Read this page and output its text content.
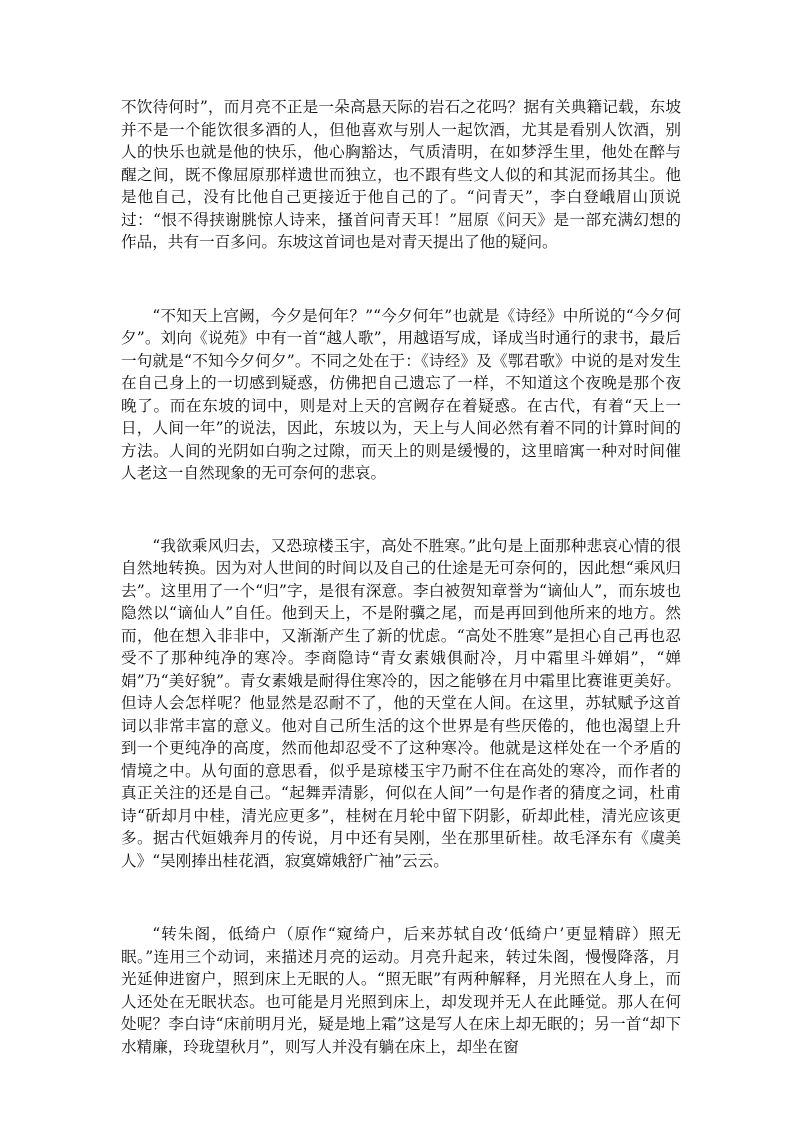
不饮待何时”，而月亮不正是一朵高悬天际的岩石之花吗？据有关典籍记载，东坡并不是一个能饮很多酒的人，但他喜欢与别人一起饮酒，尤其是看别人饮酒，别人的快乐也就是他的快乐，他心胸豁达，气质清明，在如梦浮生里，他处在醉与醒之间，既不像屈原那样遗世而独立，也不跟有些文人似的和其泥而扬其尘。他是他自己，没有比他自己更接近于他自己的了。“问青天”，李白登峨眉山顶说过：“恨不得挟谢朓惊人诗来，搔首问青天耳！”屈原《问天》是一部充满幻想的作品，共有一百多问。东坡这首词也是对青天提出了他的疑问。

“不知天上宫阙，今夕是何年？”“今夕何年”也就是《诗经》中所说的“今夕何夕”。刘向《说苑》中有一首“越人歌”，用越语写成，译成当时通行的隶书，最后一句就是“不知今夕何夕”。不同之处在于：《诗经》及《鄂君歌》中说的是对发生在自己身上的一切感到疑惑，仿佛把自己遗忘了一样，不知道这个夜晚是那个夜晚了。而在东坡的词中，则是对上天的宫阙存在着疑惑。在古代，有着“天上一日，人间一年”的说法，因此，东坡以为，天上与人间必然有着不同的计算时间的方法。人间的光阴如白驹之过隙，而天上的则是缓慢的，这里暗寓一种对时间催人老这一自然现象的无可奈何的悲哀。

“我欲乘风归去，又恐琼楼玉宇，高处不胜寒。”此句是上面那种悲哀心情的很自然地转换。因为对人世间的时间以及自己的仕途是无可奈何的，因此想“乘风归去”。这里用了一个“归”字，是很有深意。李白被贺知章誉为“谪仙人”，而东坡也隐然以“谪仙人”自任。他到天上，不是附骥之尾，而是再回到他所来的地方。然而，他在想入非非中，又渐渐产生了新的忧虑。“高处不胜寒”是担心自己再也忍受不了那种纯净的寒冷。李商隐诗“青女素娥俱耐冷，月中霜里斗婵娟”，“婵娟”乃“美好貌”。青女素娥是耐得住寒冷的，因之能够在月中霜里比赛谁更美好。但诗人会怎样呢？他显然是忍耐不了，他的天堂在人间。在这里，苏轼赋予这首词以非常丰富的意义。他对自己所生活的这个世界是有些厌倦的，他也渴望上升到一个更纯净的高度，然而他却忍受不了这种寒冷。他就是这样处在一个矛盾的情境之中。从句面的意思看，似乎是琼楼玉宇乃耐不住在高处的寒冷，而作者的真正关注的还是自己。“起舞弄清影，何似在人间”一句是作者的猜度之词，杜甫诗“斫却月中桂，清光应更多”，桂树在月轮中留下阴影，斫却此桂，清光应该更多。据古代姮娥奔月的传说，月中还有吴刚，坐在那里斫桂。故毛泽东有《虞美人》“吴刚捧出桂花酒，寂寞嫦娥舒广袖”云云。

“转朱阁，低绮户（原作“窥绮户，后来苏轼自改‘低绮户’更显精辟）照无眠。”连用三个动词，来描述月亮的运动。月亮升起来，转过朱阁，慢慢降落，月光延伸进窗户，照到床上无眠的人。“照无眠”有两种解释，月光照在人身上，而人还处在无眠状态。也可能是月光照到床上，却发现并无人在此睡觉。那人在何处呢？李白诗“床前明月光，疑是地上霜”这是写人在床上却无眠的；另一首“却下水精廉，玲珑望秋月”，则写人并没有躺在床上，却坐在窗
